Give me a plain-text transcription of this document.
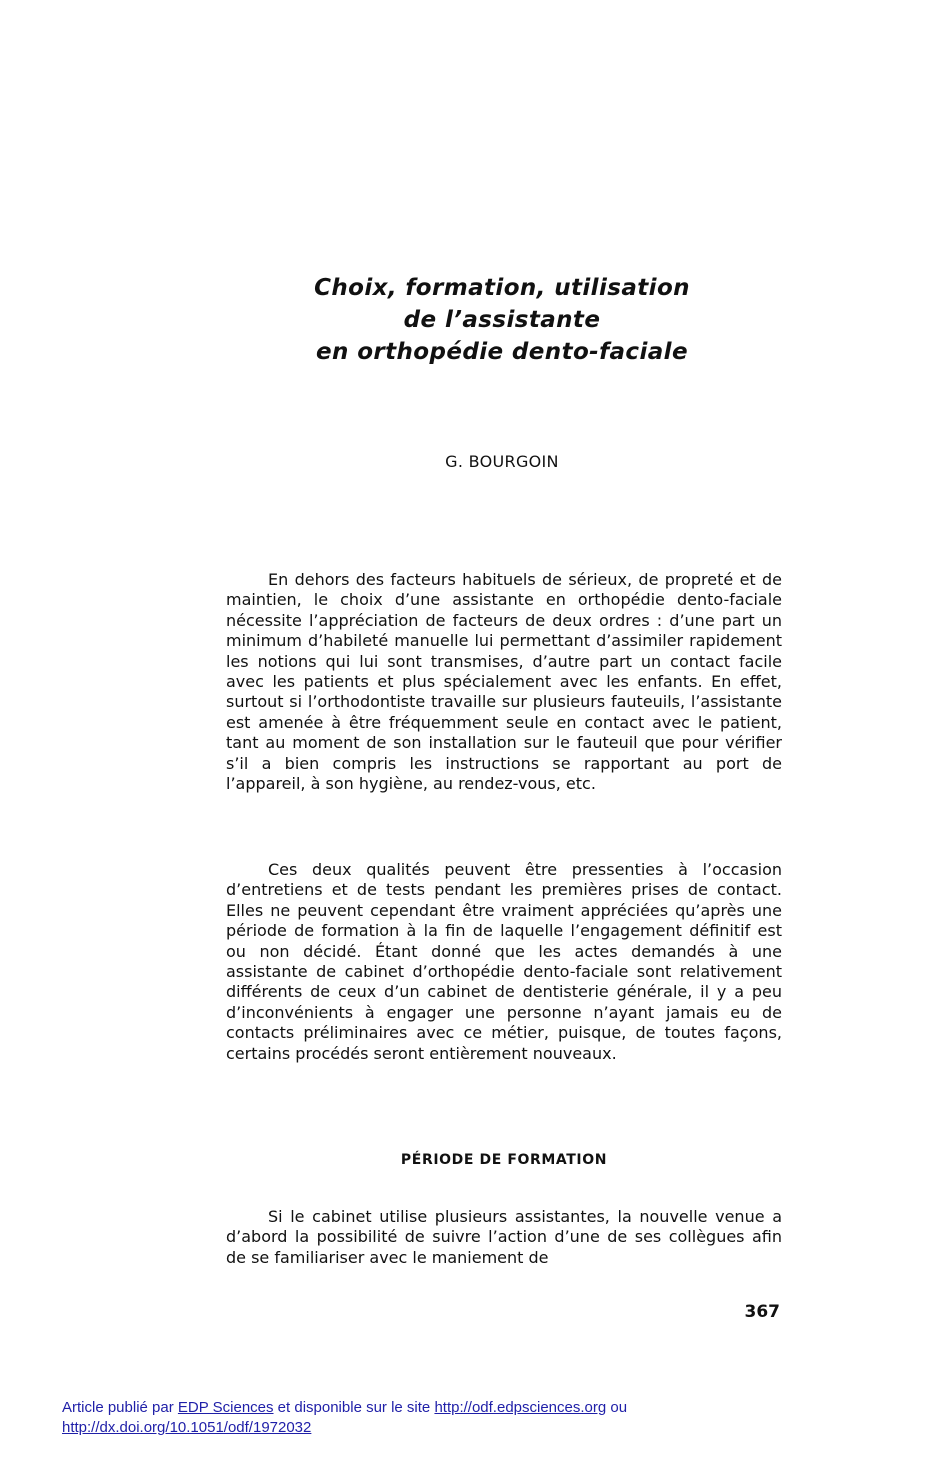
Choix, formation, utilisation
de l’assistante
en orthopédie dento-faciale
G. BOURGOIN

En dehors des facteurs habituels de sérieux, de propreté et de maintien, le choix d’une assistante en orthopédie dento-faciale nécessite l’appréciation de facteurs de deux ordres : d’une part un minimum d’habileté manuelle lui permettant d’assimiler rapidement les notions qui lui sont transmises, d’autre part un contact facile avec les patients et plus spécialement avec les enfants. En effet, surtout si l’orthodontiste travaille sur plusieurs fauteuils, l’assistante est amenée à être fréquemment seule en contact avec le patient, tant au moment de son installation sur le fauteuil que pour vérifier s’il a bien compris les instructions se rapportant au port de l’appareil, à son hygiène, au rendez-vous, etc.

Ces deux qualités peuvent être pressenties à l’occasion d’entretiens et de tests pendant les premières prises de contact. Elles ne peuvent cependant être vraiment appréciées qu’après une période de formation à la fin de laquelle l’engagement définitif est ou non décidé. Étant donné que les actes demandés à une assistante de cabinet d’orthopédie dento-faciale sont relativement différents de ceux d’un cabinet de dentisterie générale, il y a peu d’inconvénients à engager une personne n’ayant jamais eu de contacts préliminaires avec ce métier, puisque, de toutes façons, certains procédés seront entièrement nouveaux.

PÉRIODE DE FORMATION

Si le cabinet utilise plusieurs assistantes, la nouvelle venue a d’abord la possibilité de suivre l’action d’une de ses collègues afin de se familiariser avec le maniement de

367
Article publié par EDP Sciences et disponible sur le site http://odf.edpsciences.org ou
http://dx.doi.org/10.1051/odf/1972032
